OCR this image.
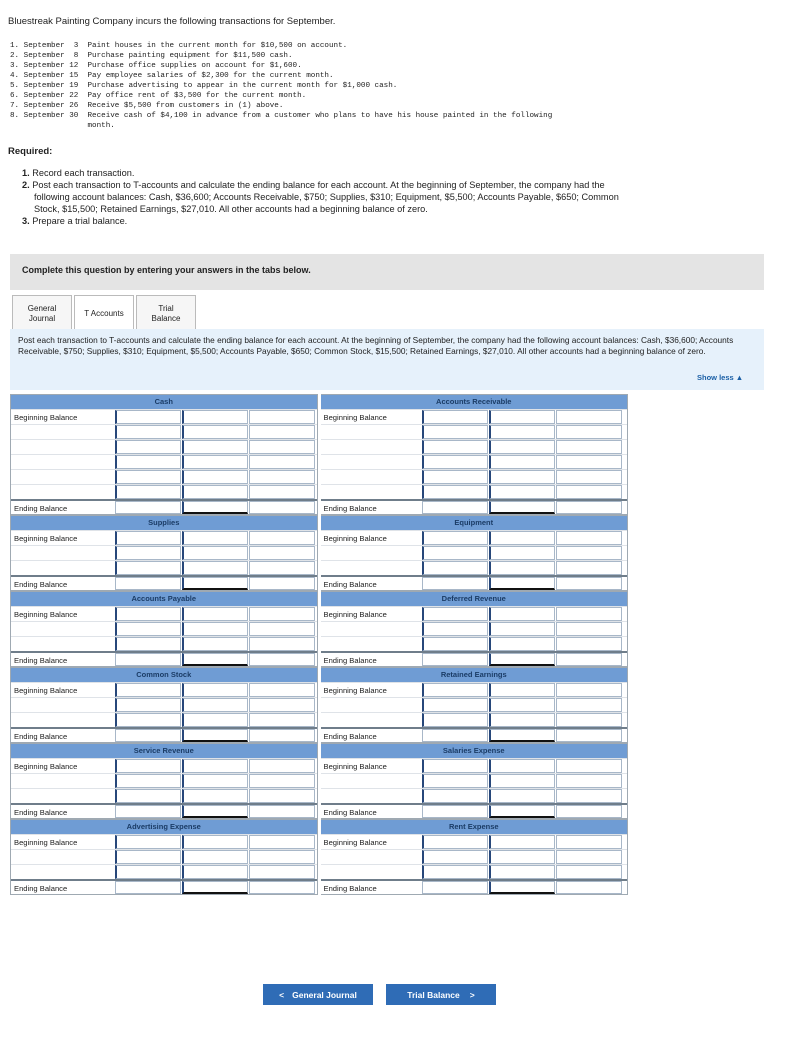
Bluestreak Painting Company incurs the following transactions for September.
1. September  3  Paint houses in the current month for $10,500 on account.
2. September  8  Purchase painting equipment for $11,500 cash.
3. September 12  Purchase office supplies on account for $1,600.
4. September 15  Pay employee salaries of $2,300 for the current month.
5. September 19  Purchase advertising to appear in the current month for $1,000 cash.
6. September 22  Pay office rent of $3,500 for the current month.
7. September 26  Receive $5,500 from customers in (1) above.
8. September 30  Receive cash of $4,100 in advance from a customer who plans to have his house painted in the following
month.
Required:
1. Record each transaction.
2. Post each transaction to T-accounts and calculate the ending balance for each account. At the beginning of September, the company had the following account balances: Cash, $36,600; Accounts Receivable, $750; Supplies, $310; Equipment, $5,500; Accounts Payable, $650; Common Stock, $15,500; Retained Earnings, $27,010. All other accounts had a beginning balance of zero.
3. Prepare a trial balance.
Complete this question by entering your answers in the tabs below.
General Journal	T Accounts
Trial Balance
Post each transaction to T-accounts and calculate the ending balance for each account. At the beginning of September, the company had the following account balances: Cash, $36,600; Accounts Receivable, $750; Supplies, $310; Equipment, $5,500; Accounts Payable, $650; Common Stock, $15,500; Retained Earnings, $27,010. All other accounts had a beginning balance of zero.
Show less ▲
Cash
Beginning Balance
Ending Balance
Accounts Receivable
Beginning Balance
Ending Balance
Supplies
Beginning Balance
Ending Balance
Equipment
Beginning Balance
Ending Balance
Accounts Payable
Beginning Balance
Ending Balance
Deferred Revenue
Beginning Balance
Ending Balance
Common Stock
Beginning Balance
Ending Balance
Retained Earnings
Beginning Balance
Ending Balance
Service Revenue
Beginning Balance
Ending Balance
Salaries Expense
Beginning Balance
Ending Balance
Advertising Expense
Beginning Balance
Ending Balance
Rent Expense
Beginning Balance
Ending Balance
< General Journal	Trial Balance >
